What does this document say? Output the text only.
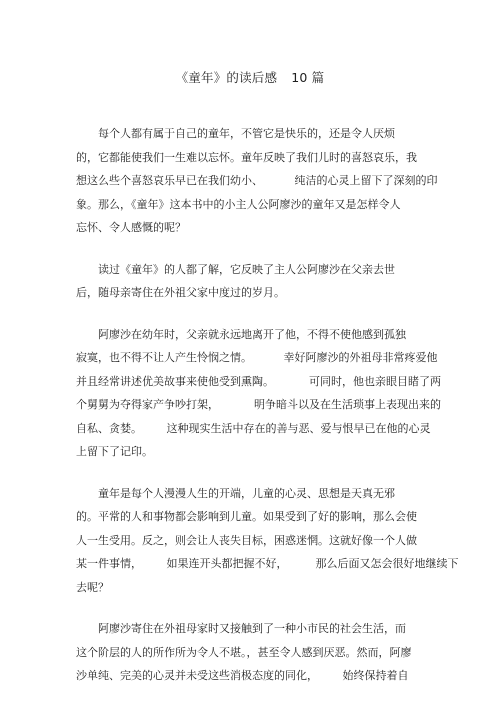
《童年》的读后感 10 篇
每个人都有属于自己的童年，不管它是快乐的，还是令人厌烦
的，它都能使我们一生难以忘怀。童年反映了我们儿时的喜怒哀乐，我
想这么些个喜怒哀乐早已在我们幼小、         纯洁的心灵上留下了深刻的印
象。那么，《童年》这本书中的小主人公阿廖沙的童年又是怎样令人
忘怀、令人感慨的呢？
读过《童年》的人都了解，它反映了主人公阿廖沙在父亲去世
后，随母亲寄住在外祖父家中度过的岁月。
阿廖沙在幼年时，父亲就永远地离开了他，不得不使他感到孤独
寂寞，也不得不让人产生怜悯之情。         幸好阿廖沙的外祖母非常疼爱他
并且经常讲述优美故事来使他受到熏陶。          可同时，他也亲眼目睹了两
个舅舅为夺得家产争吵打架，          明争暗斗以及在生活琐事上表现出来的
自私、贪婪。       这种现实生活中存在的善与恶、爱与恨早已在他的心灵
上留下了记印。
童年是每个人漫漫人生的开端，儿童的心灵、思想是天真无邪
的。平常的人和事物都会影响到儿童。如果受到了好的影响，那么会使
人一生受用。反之，则会让人丧失目标，困惑迷惘。这就好像一个人做
某一件事情，       如果连开头都把握不好，        那么后面又怎会很好地继续下
去呢？
阿廖沙寄住在外祖母家时又接触到了一种小市民的社会生活，而
这个阶层的人的所作所为令人不堪。，甚至令人感到厌恶。然而，阿廖
沙单纯、完美的心灵并未受这些消极态度的同化，       始终保持着自
